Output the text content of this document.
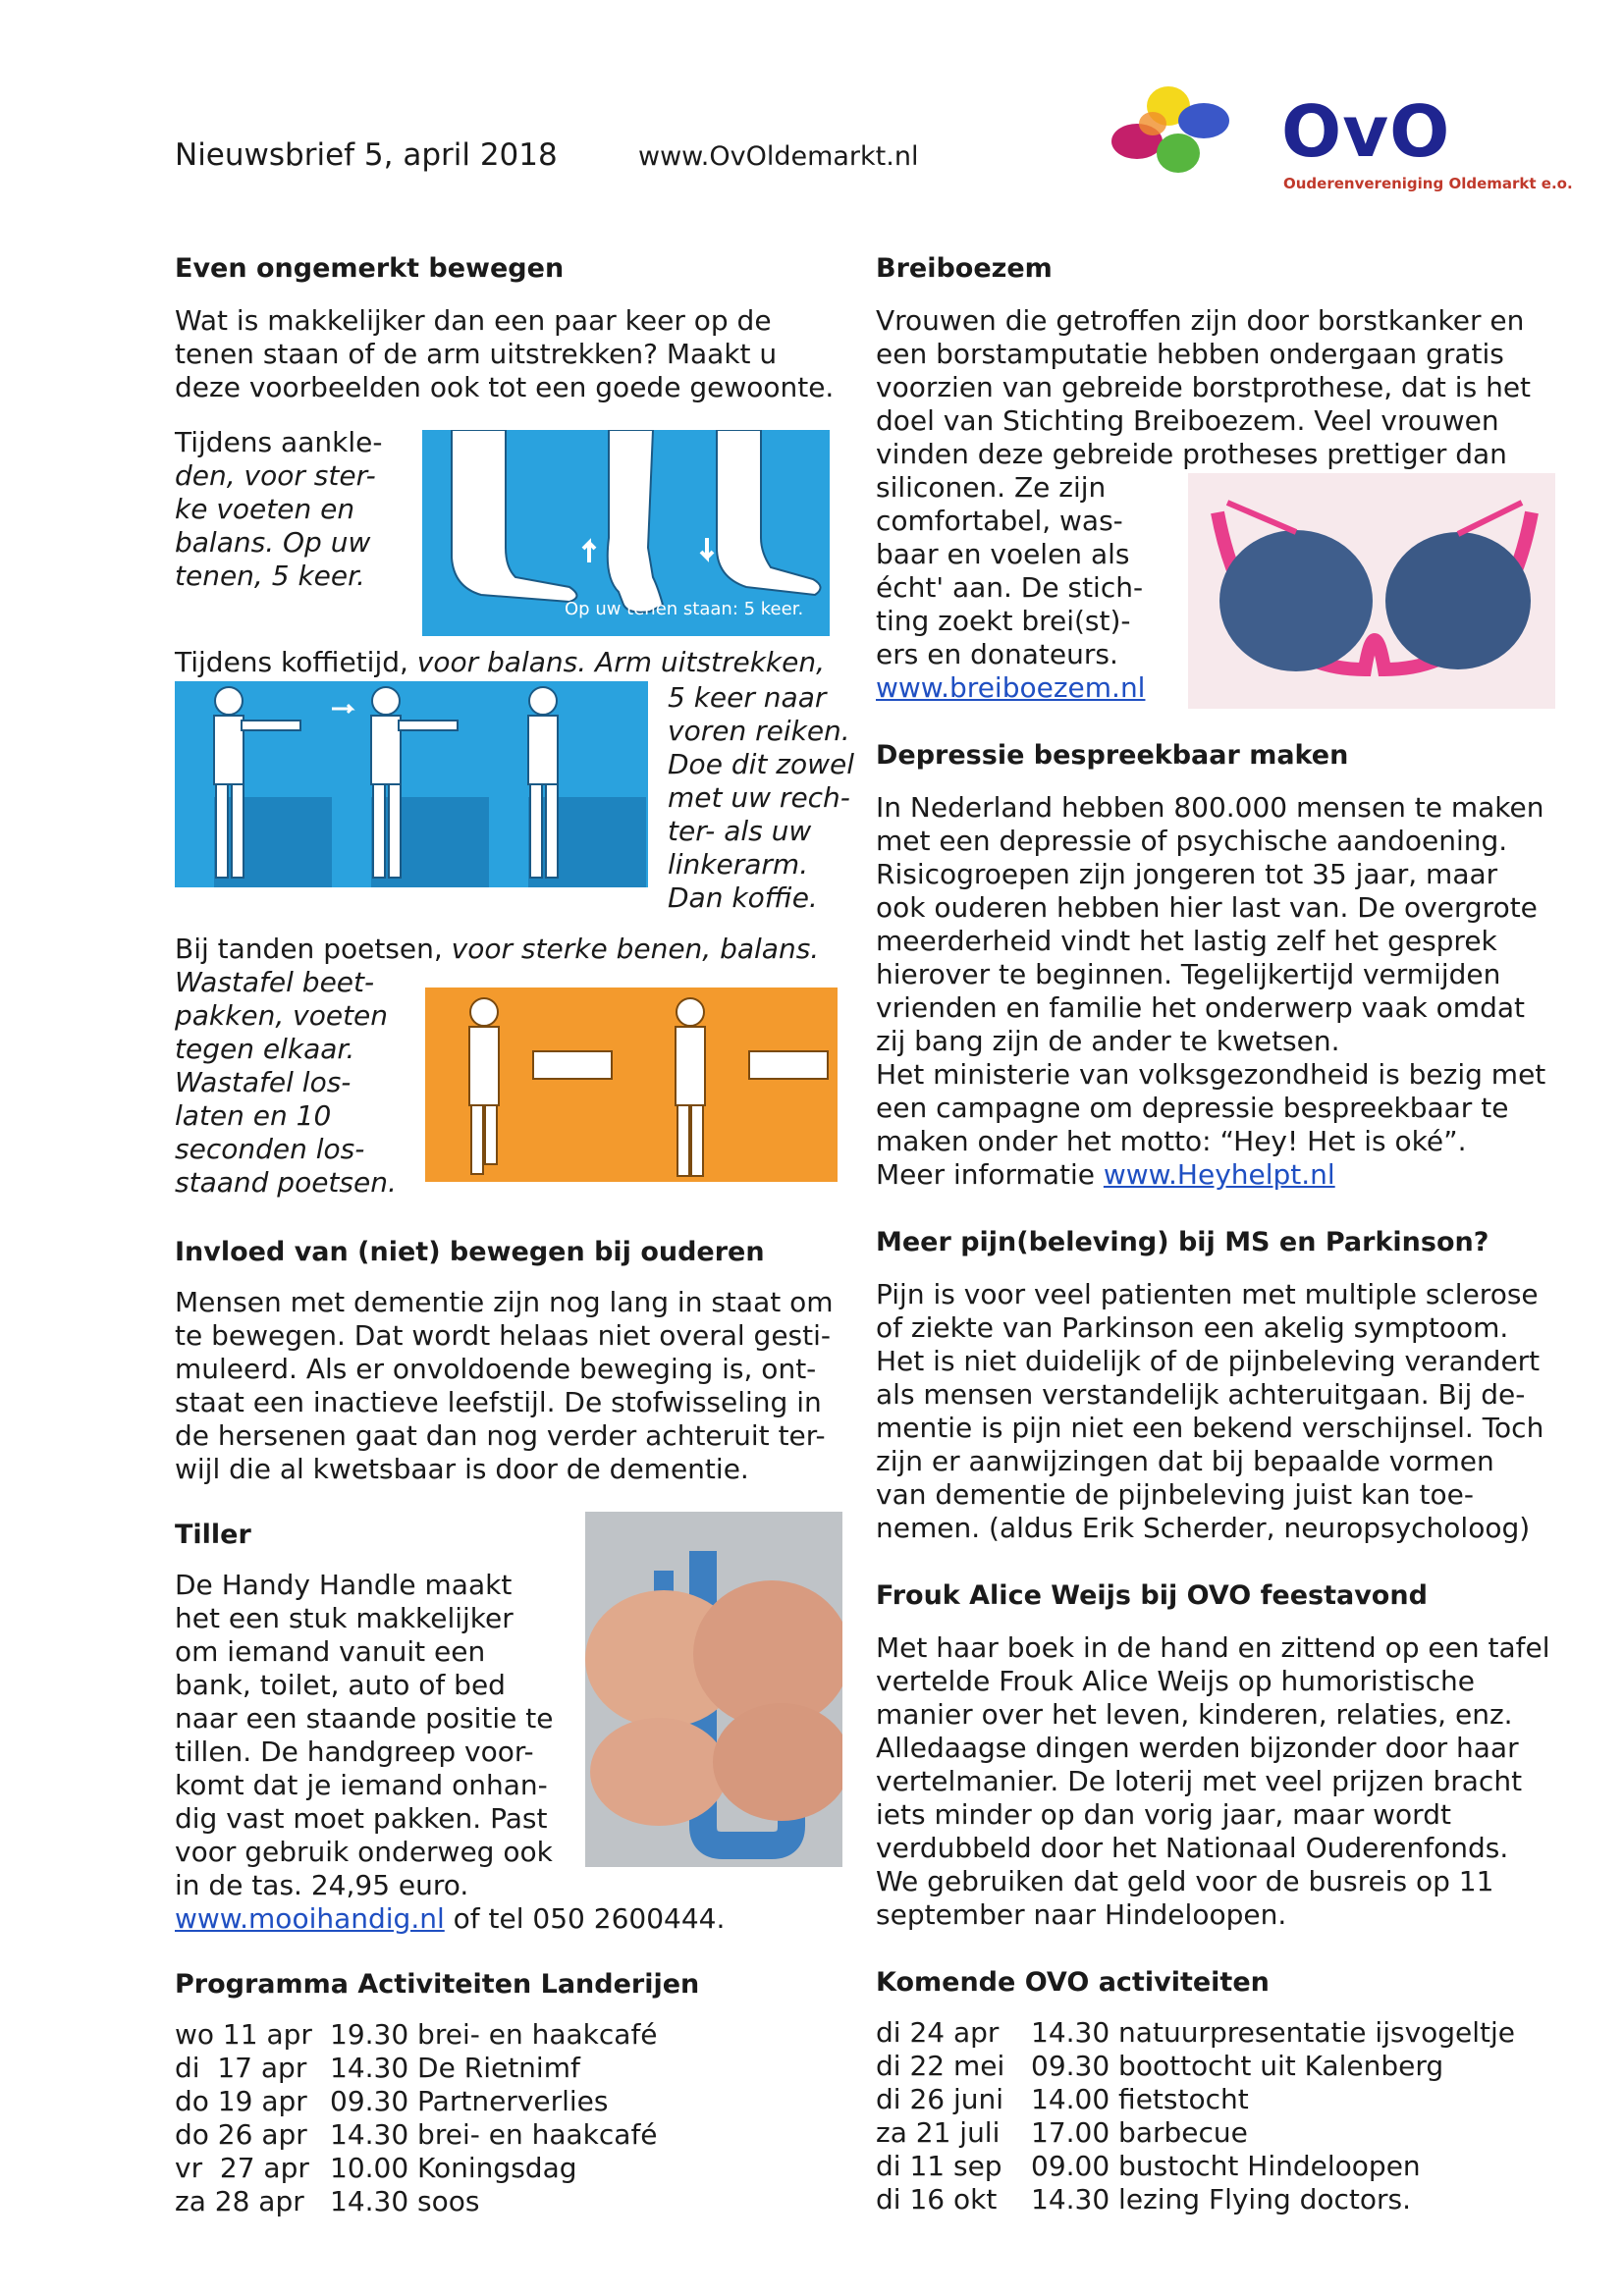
Nieuwsbrief 5, april 2018	www.OvOldemarkt.nl	OvO
Ouderenvereniging Oldemarkt e.o.
Even ongemerkt bewegen
Wat is makkelijker dan een paar keer op de
tenen staan of de arm uitstrekken? Maakt u
deze voorbeelden ook tot een goede gewoonte.
Tijdens aankle-
den, voor ster-
ke voeten en
balans. Op uw
tenen, 5 keer.
Op uw tenen staan: 5 keer.
Tijdens koffietijd, voor balans. Arm uitstrekken,
5 keer naar
voren reiken.
Doe dit zowel
met uw rech-
ter- als uw
linkerarm.
Dan koffie.
Bij tanden poetsen, voor sterke benen, balans.
Wastafel beet-
pakken, voeten
tegen elkaar.
Wastafel los-
laten en 10
seconden los-
staand poetsen.
Invloed van (niet) bewegen bij ouderen
Mensen met dementie zijn nog lang in staat om
te bewegen. Dat wordt helaas niet overal gesti-
muleerd. Als er onvoldoende beweging is, ont-
staat een inactieve leefstijl. De stofwisseling in
de hersenen gaat dan nog verder achteruit ter-
wijl die al kwetsbaar is door de dementie.
Tiller
De Handy Handle maakt
het een stuk makkelijker
om iemand vanuit een
bank, toilet, auto of bed
naar een staande positie te
tillen. De handgreep voor-
komt dat je iemand onhan-
dig vast moet pakken. Past
voor gebruik onderweg ook
in de tas. 24,95 euro.
www.mooihandig.nl of tel 050 2600444.
Programma Activiteiten Landerijen
wo 11 apr	19.30 brei- en haakcafé
di  17 apr	14.30 De Rietnimf
do 19 apr	09.30 Partnerverlies
do 26 apr	14.30 brei- en haakcafé
vr  27 apr	10.00 Koningsdag
za 28 apr	14.30 soos
Breiboezem
Vrouwen die getroffen zijn door borstkanker en
een borstamputatie hebben ondergaan gratis
voorzien van gebreide borstprothese, dat is het
doel van Stichting Breiboezem. Veel vrouwen
vinden deze gebreide protheses prettiger dan
siliconen. Ze zijn
comfortabel, was-
baar en voelen als
écht' aan. De stich-
ting zoekt brei(st)-
ers en donateurs.
www.breiboezem.nl
Depressie bespreekbaar maken
In Nederland hebben 800.000 mensen te maken
met een depressie of psychische aandoening.
Risicogroepen zijn jongeren tot 35 jaar, maar
ook ouderen hebben hier last van. De overgrote
meerderheid vindt het lastig zelf het gesprek
hierover te beginnen. Tegelijkertijd vermijden
vrienden en familie het onderwerp vaak omdat
zij bang zijn de ander te kwetsen.
Het ministerie van volksgezondheid is bezig met
een campagne om depressie bespreekbaar te
maken onder het motto: “Hey! Het is oké”.
Meer informatie www.Heyhelpt.nl
Meer pijn(beleving) bij MS en Parkinson?
Pijn is voor veel patienten met multiple sclerose
of ziekte van Parkinson een akelig symptoom.
Het is niet duidelijk of de pijnbeleving verandert
als mensen verstandelijk achteruitgaan. Bij de-
mentie is pijn niet een bekend verschijnsel. Toch
zijn er aanwijzingen dat bij bepaalde vormen
van dementie de pijnbeleving juist kan toe-
nemen. (aldus Erik Scherder, neuropsycholoog)
Frouk Alice Weijs bij OVO feestavond
Met haar boek in de hand en zittend op een tafel
vertelde Frouk Alice Weijs op humoristische
manier over het leven, kinderen, relaties, enz.
Alledaagse dingen werden bijzonder door haar
vertelmanier. De loterij met veel prijzen bracht
iets minder op dan vorig jaar, maar wordt
verdubbeld door het Nationaal Ouderenfonds.
We gebruiken dat geld voor de busreis op 11
september naar Hindeloopen.
Komende OVO activiteiten
di 24 apr	14.30 natuurpresentatie ijsvogeltje
di 22 mei	09.30 boottocht uit Kalenberg
di 26 juni	14.00 fietstocht
za 21 juli	17.00 barbecue
di 11 sep	09.00 bustocht Hindeloopen
di 16 okt	14.30 lezing Flying doctors.
